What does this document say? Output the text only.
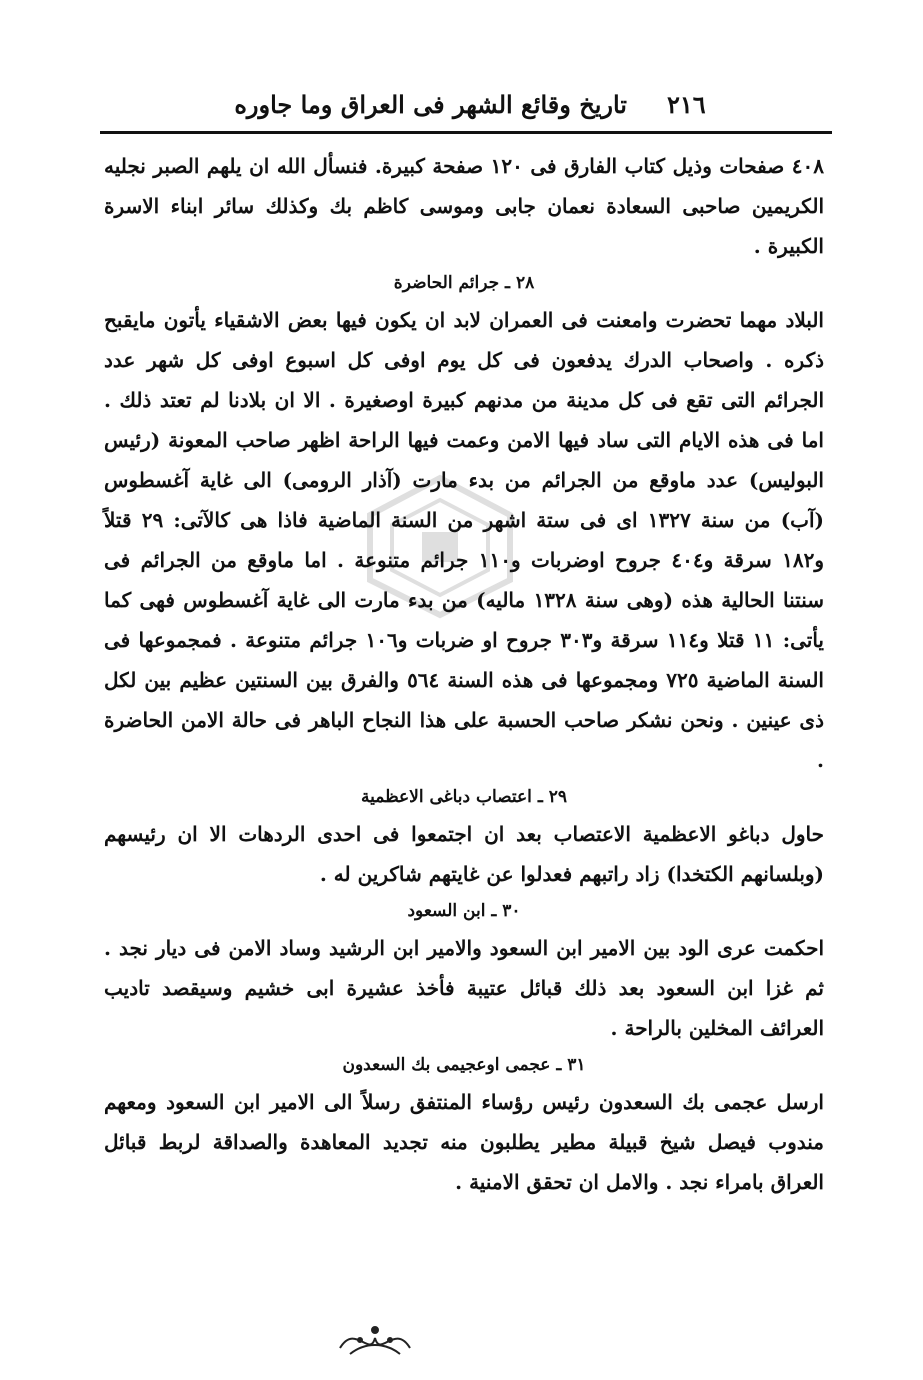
٢١٦
تاريخ وقائع الشهر فى العراق وما جاوره

٤٠٨ صفحات وذيل كتاب الفارق فى ١٢٠ صفحة كبيرة. فنسأل الله ان يلهم الصبر نجليه الكريمين صاحبى السعادة نعمان جابى وموسى كاظم بك وكذلك سائر ابناء الاسرة الكبيرة .

٢٨ ـ جرائم الحاضرة

البلاد مهما تحضرت وامعنت فى العمران لابد ان يكون فيها بعض الاشقياء يأتون مايقبح ذكره . واصحاب الدرك يدفعون فى كل يوم اوفى كل اسبوع اوفى كل شهر عدد الجرائم التى تقع فى كل مدينة من مدنهم كبيرة اوصغيرة . الا ان بلادنا لم تعتد ذلك . اما فى هذه الايام التى ساد فيها الامن وعمت فيها الراحة اظهر صاحب المعونة (رئيس البوليس) عدد ماوقع من الجرائم من بدء مارت (آذار الرومى) الى غاية آغسطوس (آب) من سنة ١٣٢٧ اى فى ستة اشهر من السنة الماضية فاذا هى كالآتى: ٢٩ قتلاً و١٨٢ سرقة و٤٠٤ جروح اوضربات و١١٠ جرائم متنوعة . اما ماوقع من الجرائم فى سنتنا الحالية هذه (وهى سنة ١٣٢٨ ماليه) من بدء مارت الى غاية آغسطوس فهى كما يأتى: ١١ قتلا و١١٤ سرقة و٣٠٣ جروح او ضربات و١٠٦ جرائم متنوعة . فمجموعها فى السنة الماضية ٧٢٥ ومجموعها فى هذه السنة ٥٦٤ والفرق بين السنتين عظيم بين لكل ذى عينين . ونحن نشكر صاحب الحسبة على هذا النجاح الباهر فى حالة الامن الحاضرة .

٢٩ ـ اعتصاب دباغى الاعظمية

حاول دباغو الاعظمية الاعتصاب بعد ان اجتمعوا فى احدى الردهات الا ان رئيسهم (وبلسانهم الكتخدا) زاد راتبهم فعدلوا عن غايتهم شاكرين له .

٣٠ ـ ابن السعود

احكمت عرى الود بين الامير ابن السعود والامير ابن الرشيد وساد الامن فى ديار نجد . ثم غزا ابن السعود بعد ذلك قبائل عتيبة فأخذ عشيرة ابى خشيم وسيقصد تاديب العرائف المخلين بالراحة .

٣١ ـ عجمى اوعجيمى بك السعدون

ارسل عجمى بك السعدون رئيس رؤساء المنتفق رسلاً الى الامير ابن السعود ومعهم مندوب فيصل شيخ قبيلة مطير يطلبون منه تجديد المعاهدة والصداقة لربط قبائل العراق بامراء نجد . والامل ان تحقق الامنية .
